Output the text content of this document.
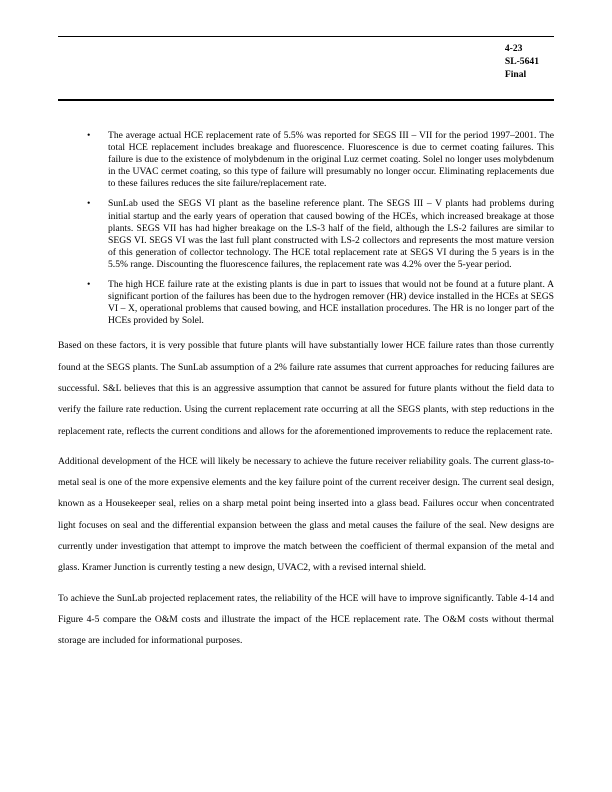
4-23
SL-5641
Final
• The average actual HCE replacement rate of 5.5% was reported for SEGS III – VII for the period 1997–2001. The total HCE replacement includes breakage and fluorescence. Fluorescence is due to cermet coating failures. This failure is due to the existence of molybdenum in the original Luz cermet coating. Solel no longer uses molybdenum in the UVAC cermet coating, so this type of failure will presumably no longer occur. Eliminating replacements due to these failures reduces the site failure/replacement rate.
• SunLab used the SEGS VI plant as the baseline reference plant. The SEGS III – V plants had problems during initial startup and the early years of operation that caused bowing of the HCEs, which increased breakage at those plants. SEGS VII has had higher breakage on the LS-3 half of the field, although the LS-2 failures are similar to SEGS VI. SEGS VI was the last full plant constructed with LS-2 collectors and represents the most mature version of this generation of collector technology. The HCE total replacement rate at SEGS VI during the 5 years is in the 5.5% range. Discounting the fluorescence failures, the replacement rate was 4.2% over the 5-year period.
• The high HCE failure rate at the existing plants is due in part to issues that would not be found at a future plant. A significant portion of the failures has been due to the hydrogen remover (HR) device installed in the HCEs at SEGS VI – X, operational problems that caused bowing, and HCE installation procedures. The HR is no longer part of the HCEs provided by Solel.

Based on these factors, it is very possible that future plants will have substantially lower HCE failure rates than those currently found at the SEGS plants. The SunLab assumption of a 2% failure rate assumes that current approaches for reducing failures are successful. S&L believes that this is an aggressive assumption that cannot be assured for future plants without the field data to verify the failure rate reduction. Using the current replacement rate occurring at all the SEGS plants, with step reductions in the replacement rate, reflects the current conditions and allows for the aforementioned improvements to reduce the replacement rate.

Additional development of the HCE will likely be necessary to achieve the future receiver reliability goals. The current glass-to-metal seal is one of the more expensive elements and the key failure point of the current receiver design. The current seal design, known as a Housekeeper seal, relies on a sharp metal point being inserted into a glass bead. Failures occur when concentrated light focuses on seal and the differential expansion between the glass and metal causes the failure of the seal. New designs are currently under investigation that attempt to improve the match between the coefficient of thermal expansion of the metal and glass. Kramer Junction is currently testing a new design, UVAC2, with a revised internal shield.

To achieve the SunLab projected replacement rates, the reliability of the HCE will have to improve significantly. Table 4-14 and Figure 4-5 compare the O&M costs and illustrate the impact of the HCE replacement rate. The O&M costs without thermal storage are included for informational purposes.
